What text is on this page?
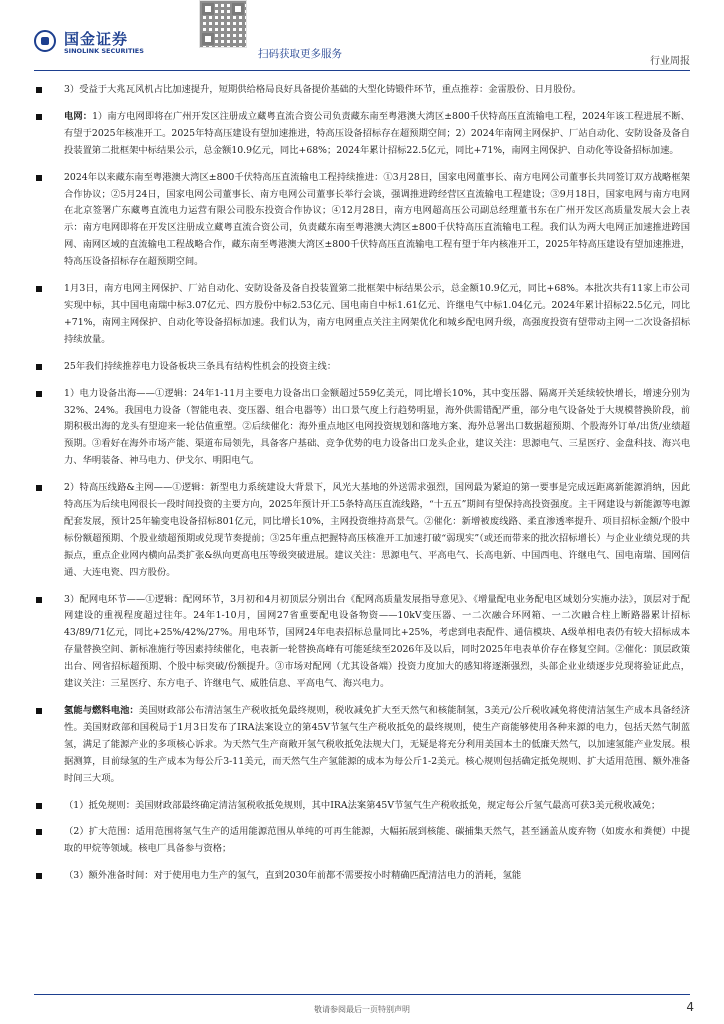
国金证券
SINOLINK SECURITIES	扫码获取更多服务
行业周报
3）受益于大兆瓦风机占比加速提升，短期供给格局良好具备提价基础的大型化铸锻件环节，重点推荐：金雷股份、日月股份。
电网：1）南方电网即将在广州开发区注册成立藏粤直流合资公司负责藏东南至粤港澳大湾区±800千伏特高压直流输电工程，2024年该工程进展不断、有望于2025年核准开工。2025年特高压建设有望加速推进，特高压设备招标存在超预期空间；2）2024年南网主网保护、厂站自动化、安防设备及备自投装置第二批框架中标结果公示，总金额10.9亿元，同比+68%；2024年累计招标22.5亿元，同比+71%，南网主网保护、自动化等设备招标加速。
2024年以来藏东南至粤港澳大湾区±800千伏特高压直流输电工程持续推进：①3月28日，国家电网董事长、南方电网公司董事长共同签订双方战略框架合作协议；②5月24日，国家电网公司董事长、南方电网公司董事长举行会谈，强调推进跨经营区直流输电工程建设；③9月18日，国家电网与南方电网在北京签署广东藏粤直流电力运营有限公司股东投资合作协议；④12月28日，南方电网超高压公司副总经理董书东在广州开发区高质量发展大会上表示：南方电网即将在开发区注册成立藏粤直流合资公司，负责藏东南至粤港澳大湾区±800千伏特高压直流输电工程。我们认为两大电网正加速推进跨国网、南网区域的直流输电工程战略合作，藏东南至粤港澳大湾区±800千伏特高压直流输电工程有望于年内核准开工，2025年特高压建设有望加速推进，特高压设备招标存在超预期空间。
1月3日，南方电网主网保护、厂站自动化、安防设备及备自投装置第二批框架中标结果公示，总金额10.9亿元，同比+68%。本批次共有11家上市公司实现中标，其中国电南瑞中标3.07亿元、四方股份中标2.53亿元、国电南自中标1.61亿元、许继电气中标1.04亿元。2024年累计招标22.5亿元，同比+71%，南网主网保护、自动化等设备招标加速。我们认为，南方电网重点关注主网架优化和城乡配电网升级，高强度投资有望带动主网一二次设备招标持续放量。
25年我们持续推荐电力设备板块三条具有结构性机会的投资主线：
1）电力设备出海——①逻辑：24年1-11月主要电力设备出口金额超过559亿美元，同比增长10%，其中变压器、隔离开关延续较快增长，增速分别为32%、24%。我国电力设备（智能电表、变压器、组合电器等）出口景气度上行趋势明显，海外供需错配严重，部分电气设备处于大规模替换阶段，前期积极出海的龙头有望迎来一轮估值重塑。②后续催化：海外重点地区电网投资规划和落地方案、海外总署出口数据超预期、个股海外订单/出货/业绩超预期。③看好在海外市场产能、渠道布局领先，具备客户基础、竞争优势的电力设备出口龙头企业，建议关注：思源电气、三星医疗、金盘科技、海兴电力、华明装备、神马电力、伊戈尔、明阳电气。
2）特高压线路&主网——①逻辑：新型电力系统建设大背景下，风光大基地的外送需求强烈，国网最为紧迫的第一要事是完成远距离新能源消纳，因此特高压为后续电网很长一段时间投资的主要方向，2025年预计开工5条特高压直流线路，“十五五”期间有望保持高投资强度。主干网建设与新能源等电源配套发展，预计25年输变电设备招标801亿元，同比增长10%，主网投资维持高景气。②催化：新增被废线路、柔直渗透率提升、项目招标金额/个股中标份额超预期、个股业绩超预期或兑现节奏提前；③25年重点把握特高压核准开工加速打破“弱现实”（或还而带来的批次招标增长）与企业业绩兑现的共振点，重点企业网内横向品类扩张&纵向更高电压等级突破进展。建议关注：思源电气、平高电气、长高电新、中国西电、许继电气、国电南瑞、国网信通、大连电瓷、四方股份。
3）配网电环节——①逻辑：配网环节，3月初和4月初顶层分别出台《配网高质量发展指导意见》、《增量配电业务配电区域划分实施办法》，顶层对于配网建设的重视程度超过往年。24年1-10月，国网27省重要配电设备物资——10kV变压器、一二次融合环网箱、一二次融合柱上断路器累计招标43/89/71亿元，同比+25%/42%/27%。用电环节，国网24年电表招标总量同比+25%，考虑到电表配件、通信模块、A级单相电表仍有较大招标成本存量替换空间、新标准施行等因素持续催化，电表新一轮替换高峰有可能延续至2026年及以后，同时2025年电表单价存在修复空间。②催化：顶层政策出台、网省招标超预期、个股中标突破/份额提升。③市场对配网（尤其设备端）投资力度加大的感知将逐渐强烈，头部企业业绩逐步兑现将验证此点，建议关注：三星医疗、东方电子、许继电气、威胜信息、平高电气、海兴电力。
氢能与燃料电池：美国财政部公布清洁氢生产税收抵免最终规则，税收减免扩大至天然气和核能制氢，3美元/公斤税收减免将使清洁氢生产成本具备经济性。美国财政部和国税局于1月3日发布了IRA法案设立的第45V节氢气生产税收抵免的最终规则，使生产商能够使用各种来源的电力，包括天然气制蓝氢，满足了能源产业的多项核心诉求。为天然气生产商敞开氢气税收抵免法规大门，无疑是将充分利用美国本土的低廉天然气，以加速氢能产业发展。根据测算，目前绿氢的生产成本为每公斤3-11美元，而天然气生产氢能源的成本为每公斤1-2美元。核心规则包括确定抵免规则、扩大适用范围、额外准备时间三大项。
（1）抵免规则：美国财政部最终确定清洁氢税收抵免规则，其中IRA法案第45V节氢气生产税收抵免，规定每公斤氢气最高可获3美元税收减免；
（2）扩大范围：适用范围将氢气生产的适用能源范围从单纯的可再生能源，大幅拓展到核能、碳捕集天然气，甚至涵盖从废弃物（如废水和粪便）中提取的甲烷等领域。核电厂具备参与资格；
（3）额外准备时间：对于使用电力生产的氢气，直到2030年前都不需要按小时精确匹配清洁电力的消耗，氢能
敬请参阅最后一页特别声明	4
